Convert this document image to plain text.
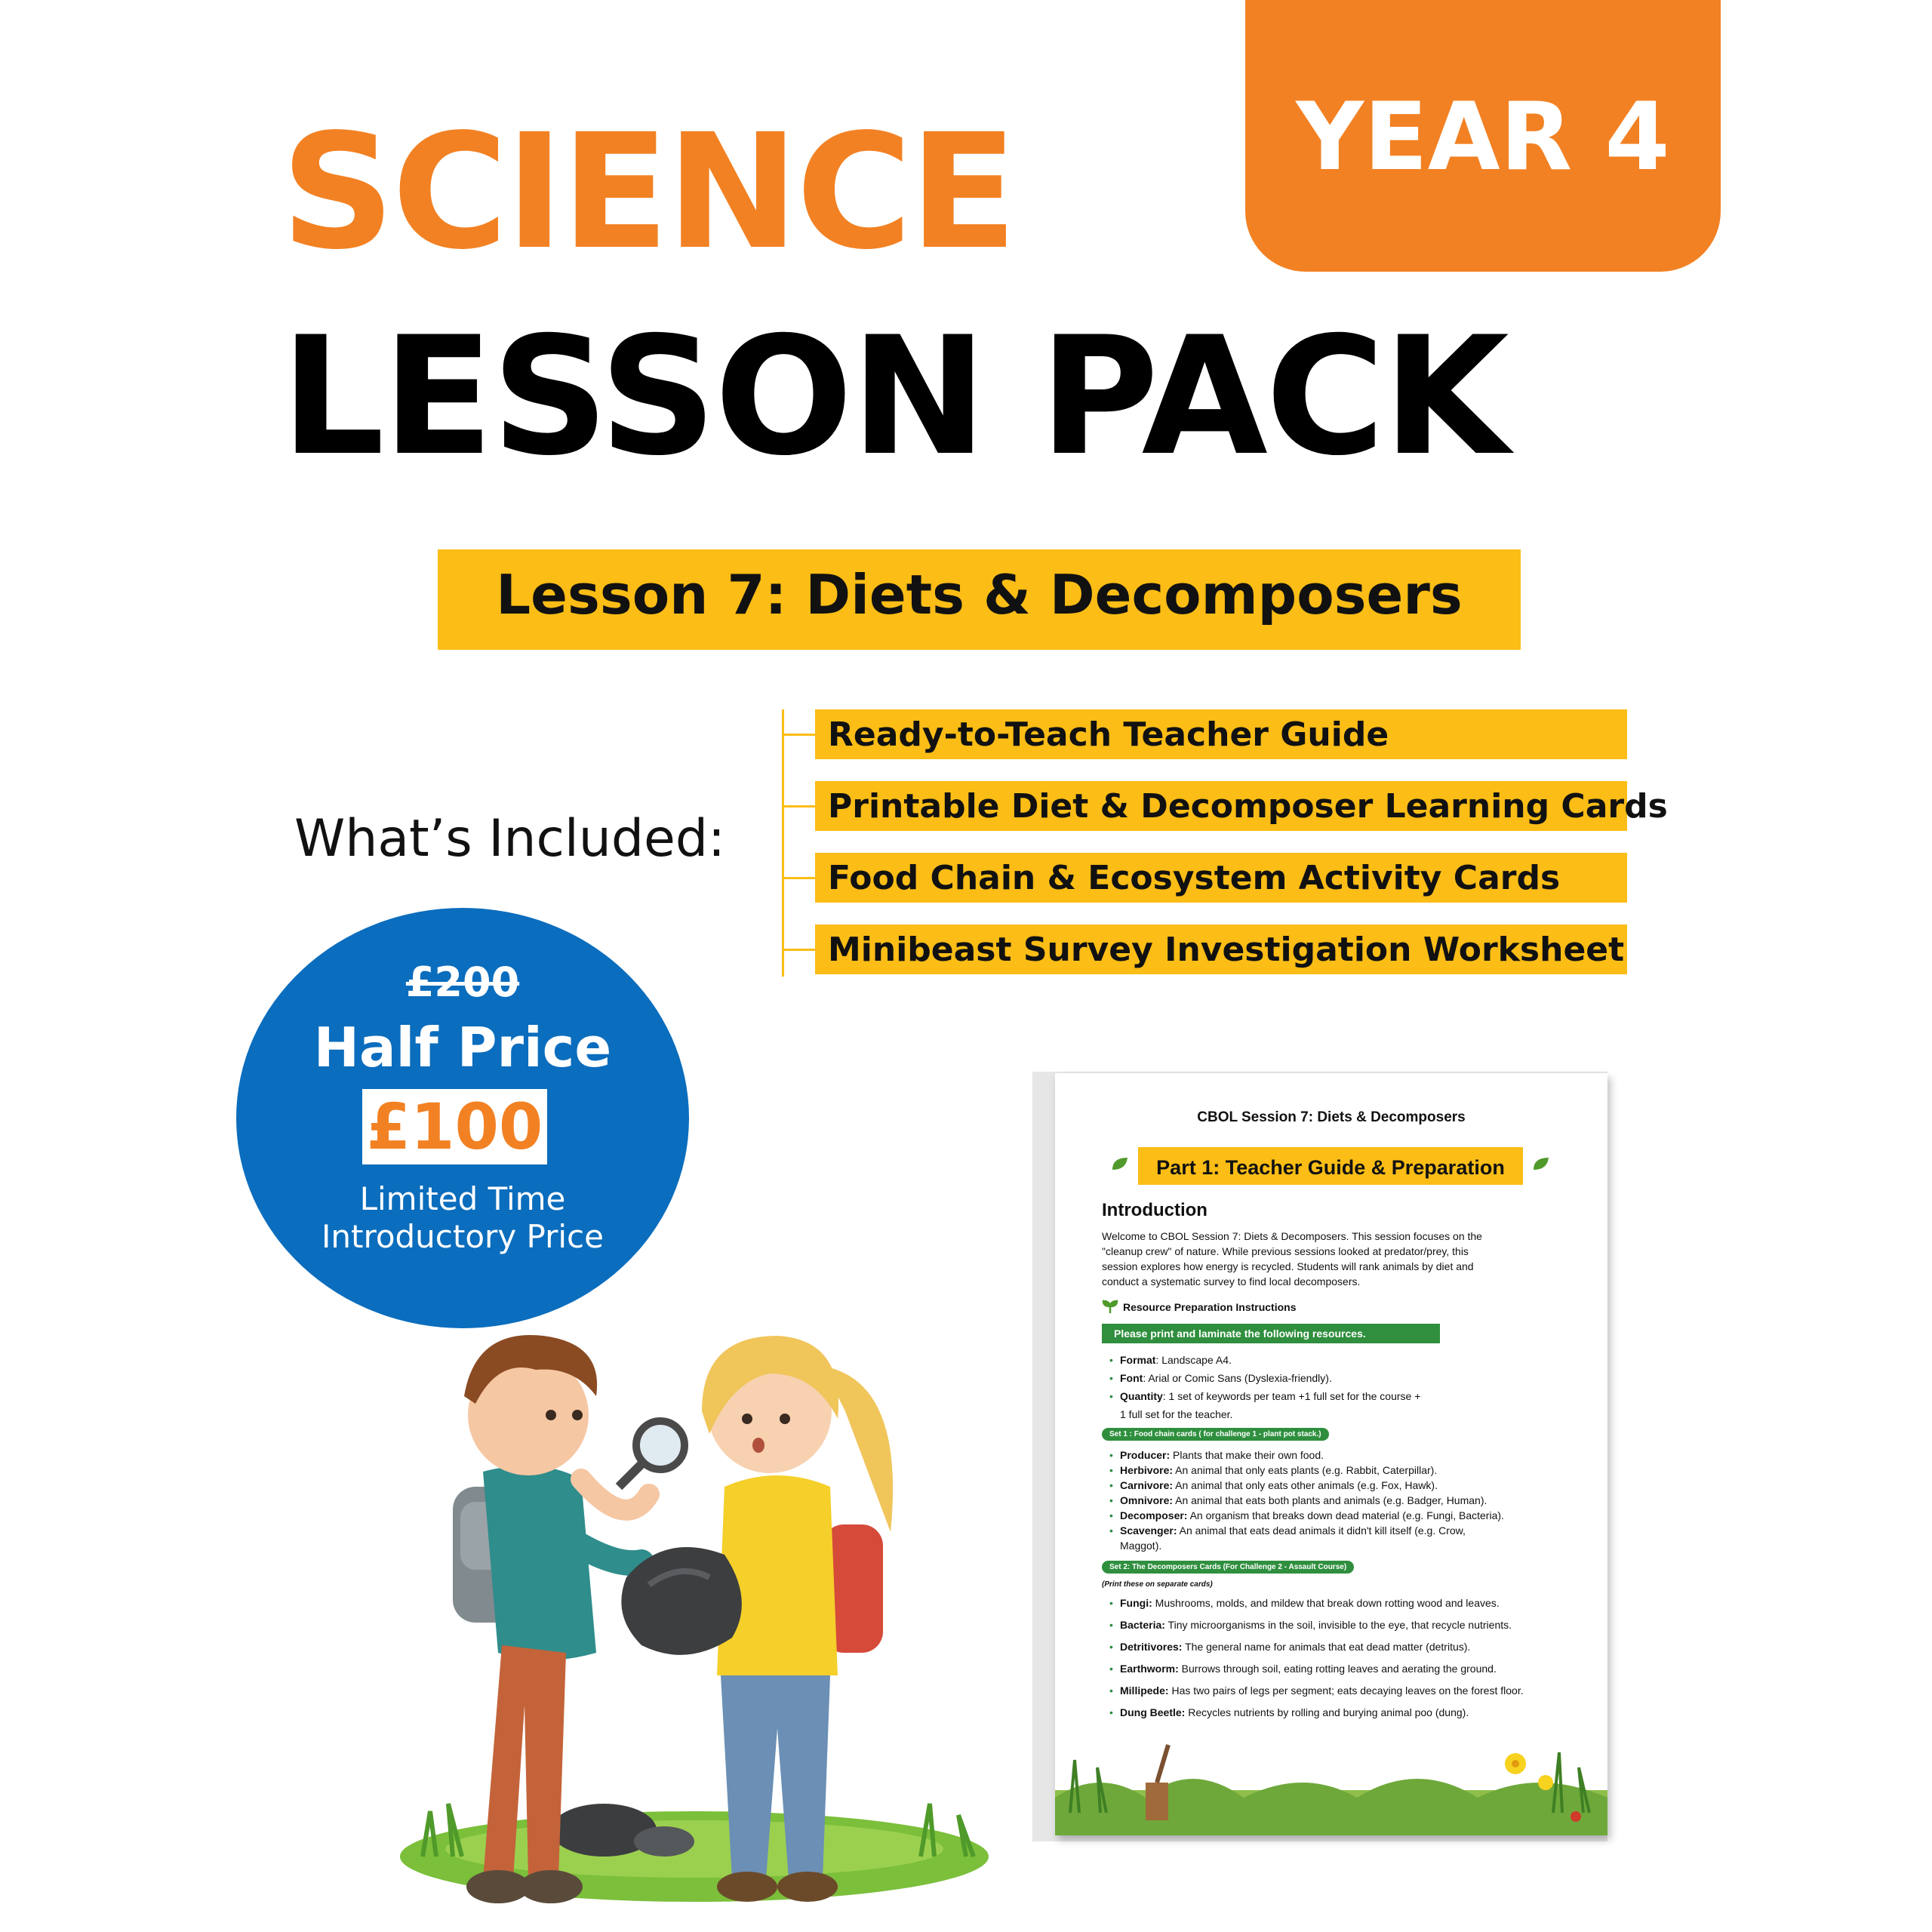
SCIENCE
LESSON PACK
YEAR 4
Lesson 7: Diets & Decomposers
What’s Included:
Ready-to-Teach Teacher Guide
Printable Diet & Decomposer Learning Cards
Food Chain & Ecosystem Activity Cards
Minibeast Survey Investigation Worksheet
£200
Half Price
£100
Limited Time
Introductory Price
CBOL Session 7: Diets & Decomposers
Part 1: Teacher Guide & Preparation
Introduction
Welcome to CBOL Session 7: Diets & Decomposers. This session focuses on the
"cleanup crew" of nature. While previous sessions looked at predator/prey, this
session explores how energy is recycled. Students will rank animals by diet and
conduct a systematic survey to find local decomposers.
Resource Preparation Instructions
Please print and laminate the following resources.
• Format: Landscape A4.
• Font: Arial or Comic Sans (Dyslexia-friendly).
• Quantity: 1 set of keywords per team +1 full set for the course +
1 full set for the teacher.
Set 1 : Food chain cards ( for challenge 1 - plant pot stack.)
• Producer: Plants that make their own food.
• Herbivore: An animal that only eats plants (e.g. Rabbit, Caterpillar).
• Carnivore: An animal that only eats other animals (e.g. Fox, Hawk).
• Omnivore: An animal that eats both plants and animals (e.g. Badger, Human).
• Decomposer: An organism that breaks down dead material (e.g. Fungi, Bacteria).
• Scavenger: An animal that eats dead animals it didn't kill itself (e.g. Crow,
Maggot).
Set 2: The Decomposers Cards (For Challenge 2 - Assault Course)
(Print these on separate cards)
• Fungi: Mushrooms, molds, and mildew that break down rotting wood and leaves.
• Bacteria: Tiny microorganisms in the soil, invisible to the eye, that recycle nutrients.
• Detritivores: The general name for animals that eat dead matter (detritus).
• Earthworm: Burrows through soil, eating rotting leaves and aerating the ground.
• Millipede: Has two pairs of legs per segment; eats decaying leaves on the forest floor.
• Dung Beetle: Recycles nutrients by rolling and burying animal poo (dung).
